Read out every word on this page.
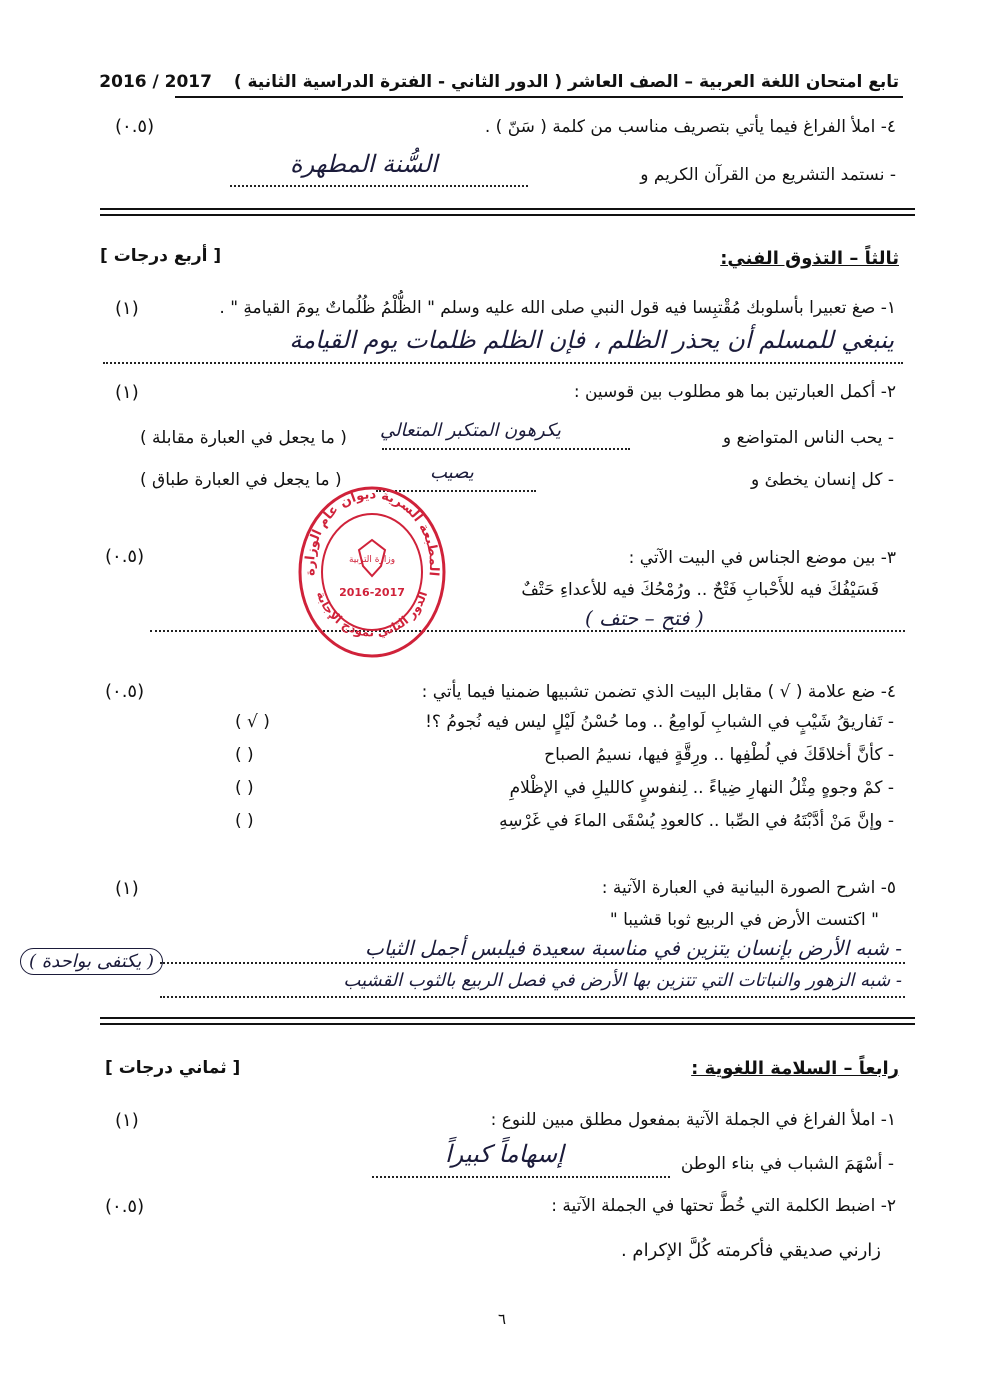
تابع امتحان اللغة العربية – الصف العاشر ( الدور الثاني - الفترة الدراسية الثانية )  2016 / 2017
٤- املأ الفراغ فيما يأتي بتصريف مناسب من كلمة ( سَنّ ) .
(٠.٥)
- نستمد التشريع من القرآن الكريم و
السُّنة المطهرة
ثالثاً – التذوق الفني:
[ أربع درجات ]
١- صغ تعبيرا بأسلوبك مُقْتبِسا فيه قول النبي صلى الله عليه وسلم " الظُّلْمُ ظُلُماتٌ يومَ القيامةِ " .
(١)
ينبغي للمسلم أن يحذر الظلم ، فإن الظلم ظلمات يوم القيامة
٢- أكمل العبارتين بما هو مطلوب بين قوسين :
(١)
- يحب الناس المتواضع و
يكرهون المتكبر المتعالي
( ما يجعل في العبارة مقابلة )
- كل إنسان يخطئ و
يصيب
( ما يجعل في العبارة طباق )
٣- بين موضع الجناس في البيت الآتي :
(٠.٥)
فَسَيْفُكَ فيه للأَحْبابِ فَتْحٌ .. ورُمْحُكَ فيه للأعداءِ حَتْفٌ
( فتح – حتف )
٤- ضع علامة ( √ ) مقابل البيت الذي تضمن تشبيها ضمنيا فيما يأتي :
(٠.٥)
- تَفاريقُ شَيْبٍ في الشبابِ لَوامِعُ .. وما حُسْنُ لَيْلٍ ليس فيه نُجومُ ؟!
( √ )
- كأنَّ أخلاقَكَ في لُطْفِها .. ورِقَّةٍ فيها، نسيمُ الصباح
( )
- كمْ وجوهٍ مِثْلُ النهارِ ضِياءً .. لِنفوسٍ كالليلِ في الإظْلامِ
( )
- وإنَّ مَنْ أدَّبْتَهُ في الصِّبا .. كالعودِ يُسْقَى الماءَ في غَرْسِهِ
( )
٥- اشرح الصورة البيانية في العبارة الآتية :
(١)
" اكتست الأرض في الربيع ثوبا قشيبا "
- شبه الأرض بإنسان يتزين في مناسبة سعيدة فيلبس أجمل الثياب
- شبه الزهور والنباتات التي تتزين بها الأرض في فصل الربيع بالثوب القشيب
( يكتفى بواحدة )
رابعاً – السلامة اللغوية :
[ ثماني درجات ]
١- املأ الفراغ في الجملة الآتية بمفعول مطلق مبين للنوع :
(١)
- أسْهَمَ الشباب في بناء الوطن
إسهاماً كبيراً
٢- اضبط الكلمة التي خُطَّ تحتها في الجملة الآتية :
(٠.٥)
زارني صديقي فأكرمته كُلَّ الإكرام .
٦
المطبعة السرية ديوان عام الوزارة
الدور الثاني نموذج الإجابة
وزارة التربية
2016-2017
